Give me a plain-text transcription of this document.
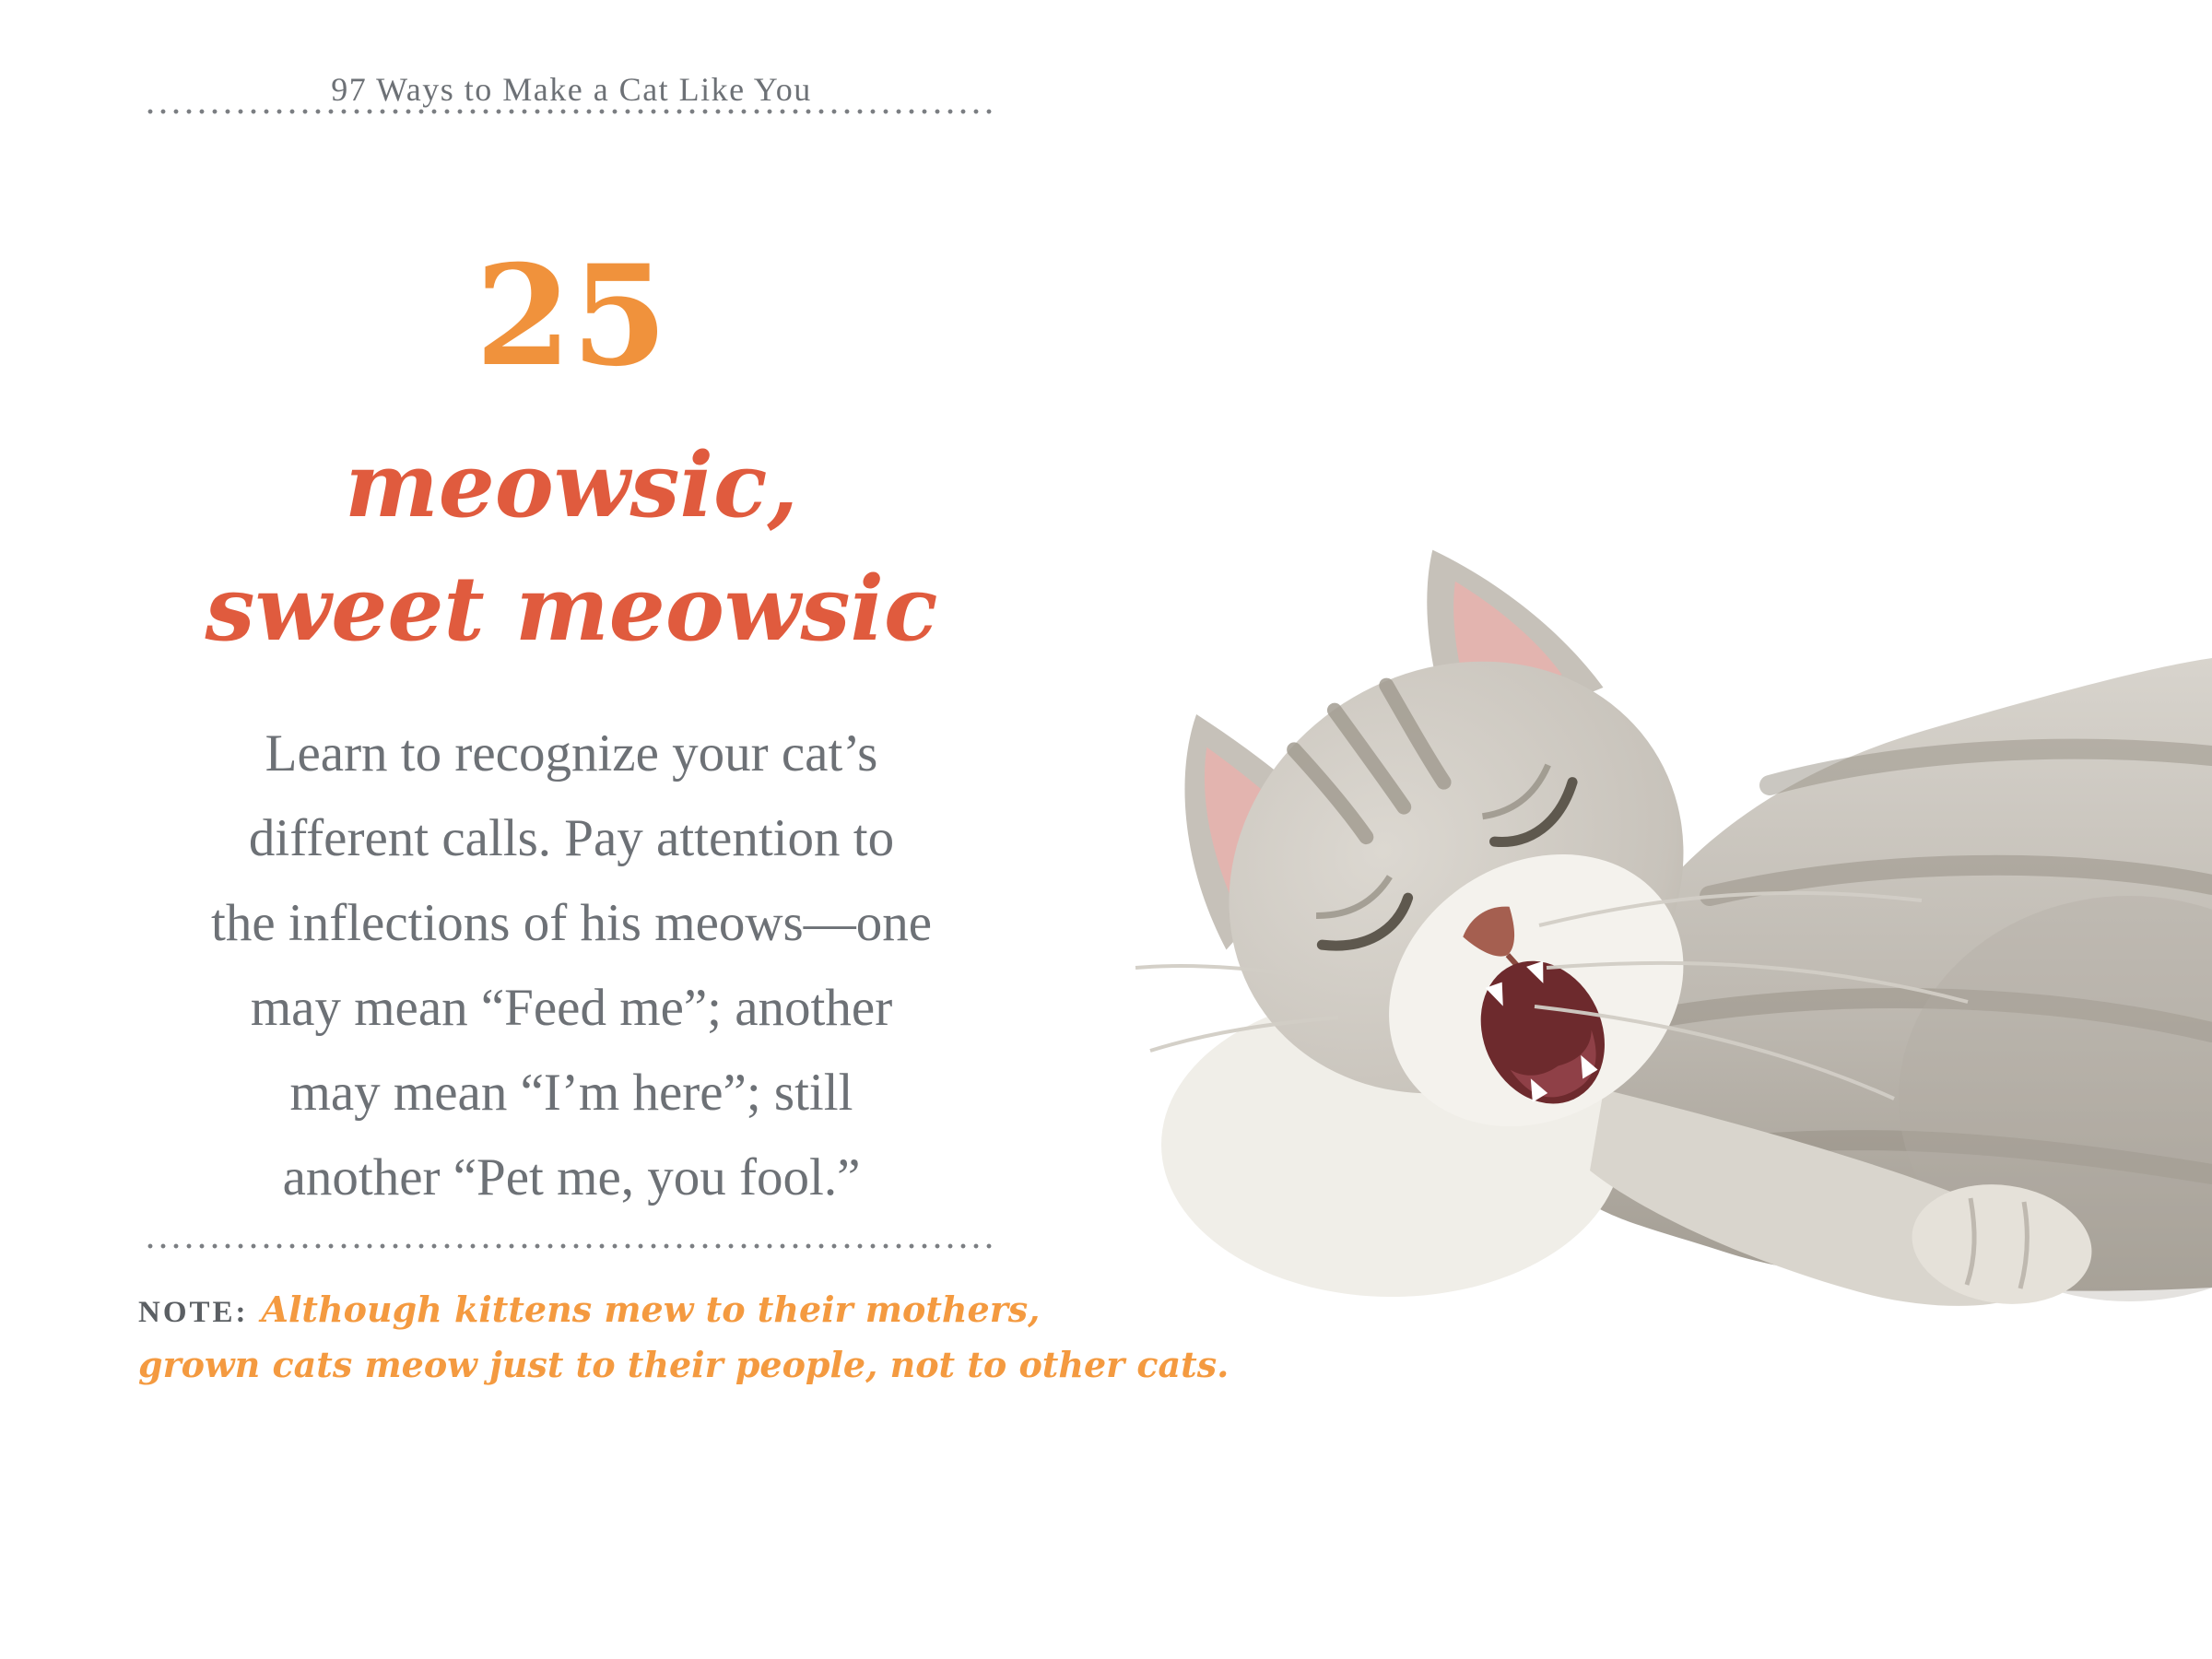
97 Ways to Make a Cat Like You
25
meowsic,
sweet meowsic
Learn to recognize your cat’s
different calls. Pay attention to
the inflections of his meows—one
may mean “Feed me”; another
may mean “I’m here”; still
another “Pet me, you fool.”
NOTE: Although kittens mew to their mothers,
grown cats meow just to their people, not to other cats.
